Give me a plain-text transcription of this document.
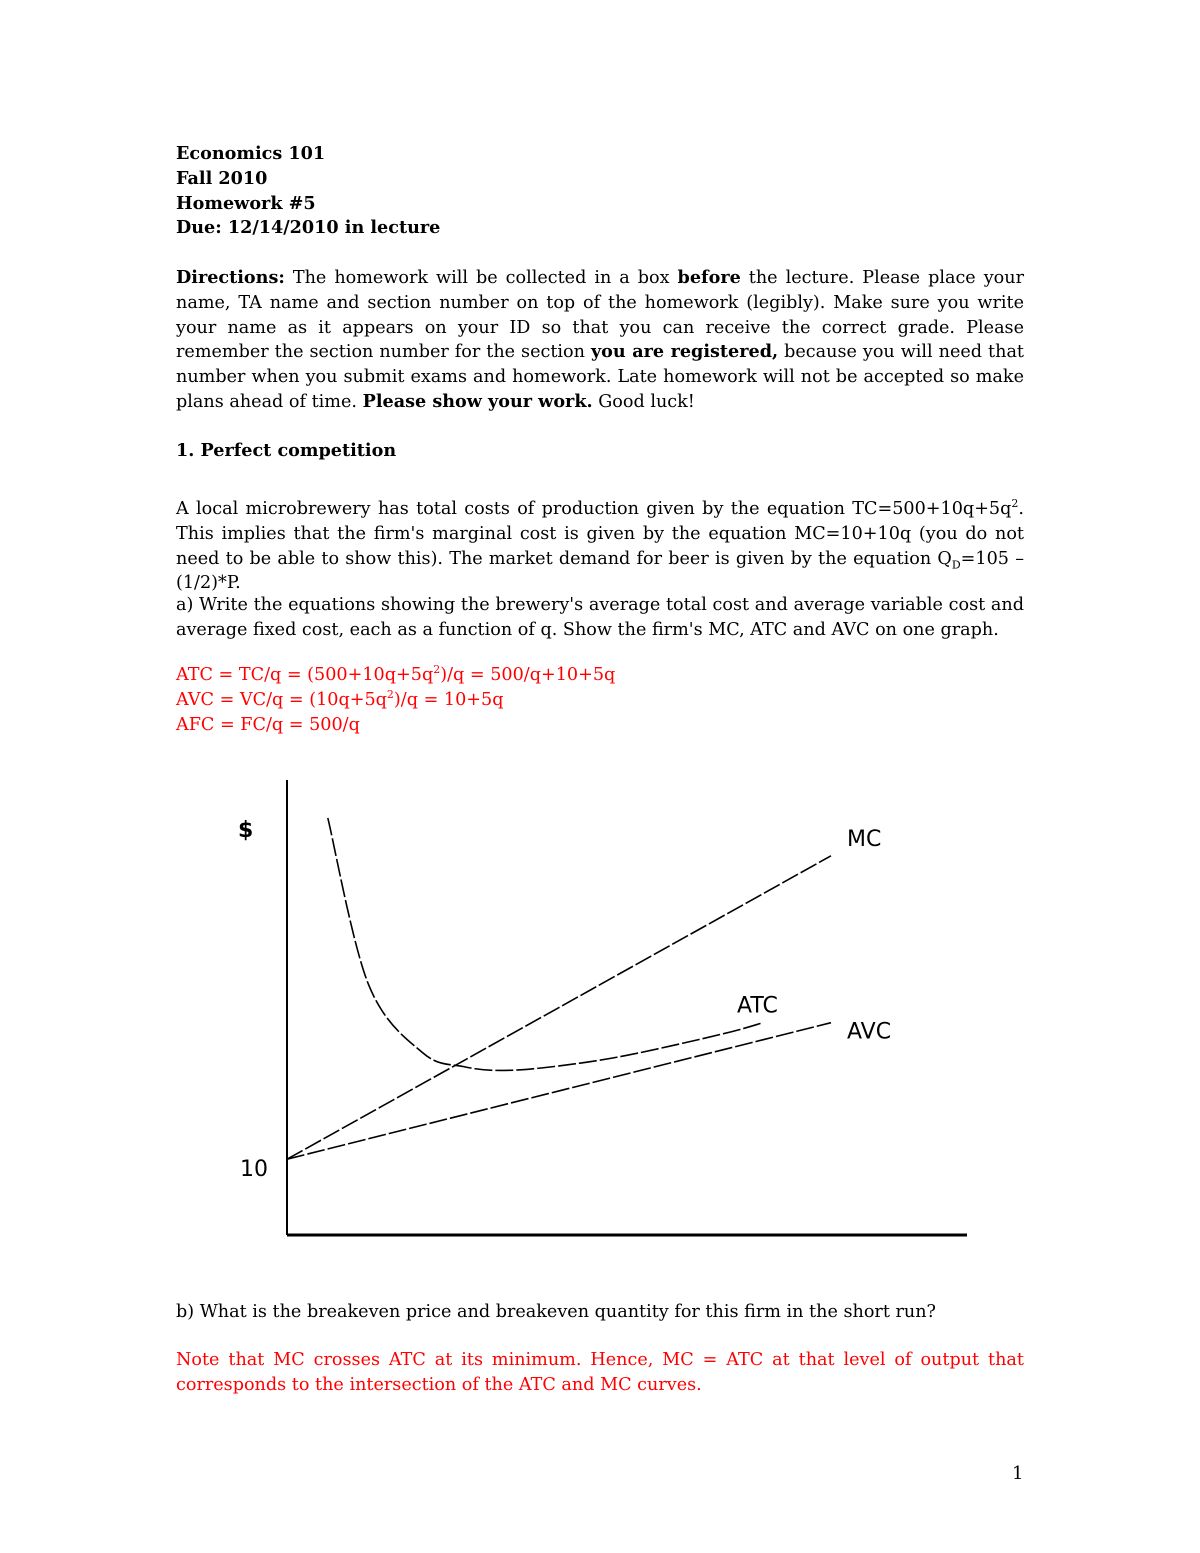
Economics 101
Fall 2010
Homework #5
Due: 12/14/2010 in lecture
Directions: The homework will be collected in a box before the lecture. Please place your name, TA name and section number on top of the homework (legibly). Make sure you write your name as it appears on your ID so that you can receive the correct grade. Please remember the section number for the section you are registered, because you will need that number when you submit exams and homework. Late homework will not be accepted so make plans ahead of time. Please show your work. Good luck!
1. Perfect competition
A local microbrewery has total costs of production given by the equation $TC=500+10q+5q^2$. This implies that the firm's marginal cost is given by the equation MC=10+10q (you do not need to be able to show this). The market demand for beer is given by the equation $Q_D=105 - (1/2)*P$.
a) Write the equations showing the brewery's average total cost and average variable cost and average fixed cost, each as a function of q. Show the firm's MC, ATC and AVC on one graph.
ATC = $TC/q = (500+10q+5q^2)/q = 500/q+10+5q$
AVC = $VC/q = (10q+5q^2)/q = 10+5q$
AFC = FC/q = 500/q
$
10
MC
ATC
AVC
b) What is the breakeven price and breakeven quantity for this firm in the short run?
Note that MC crosses ATC at its minimum. Hence, MC = ATC at that level of output that corresponds to the intersection of the ATC and MC curves.
1
